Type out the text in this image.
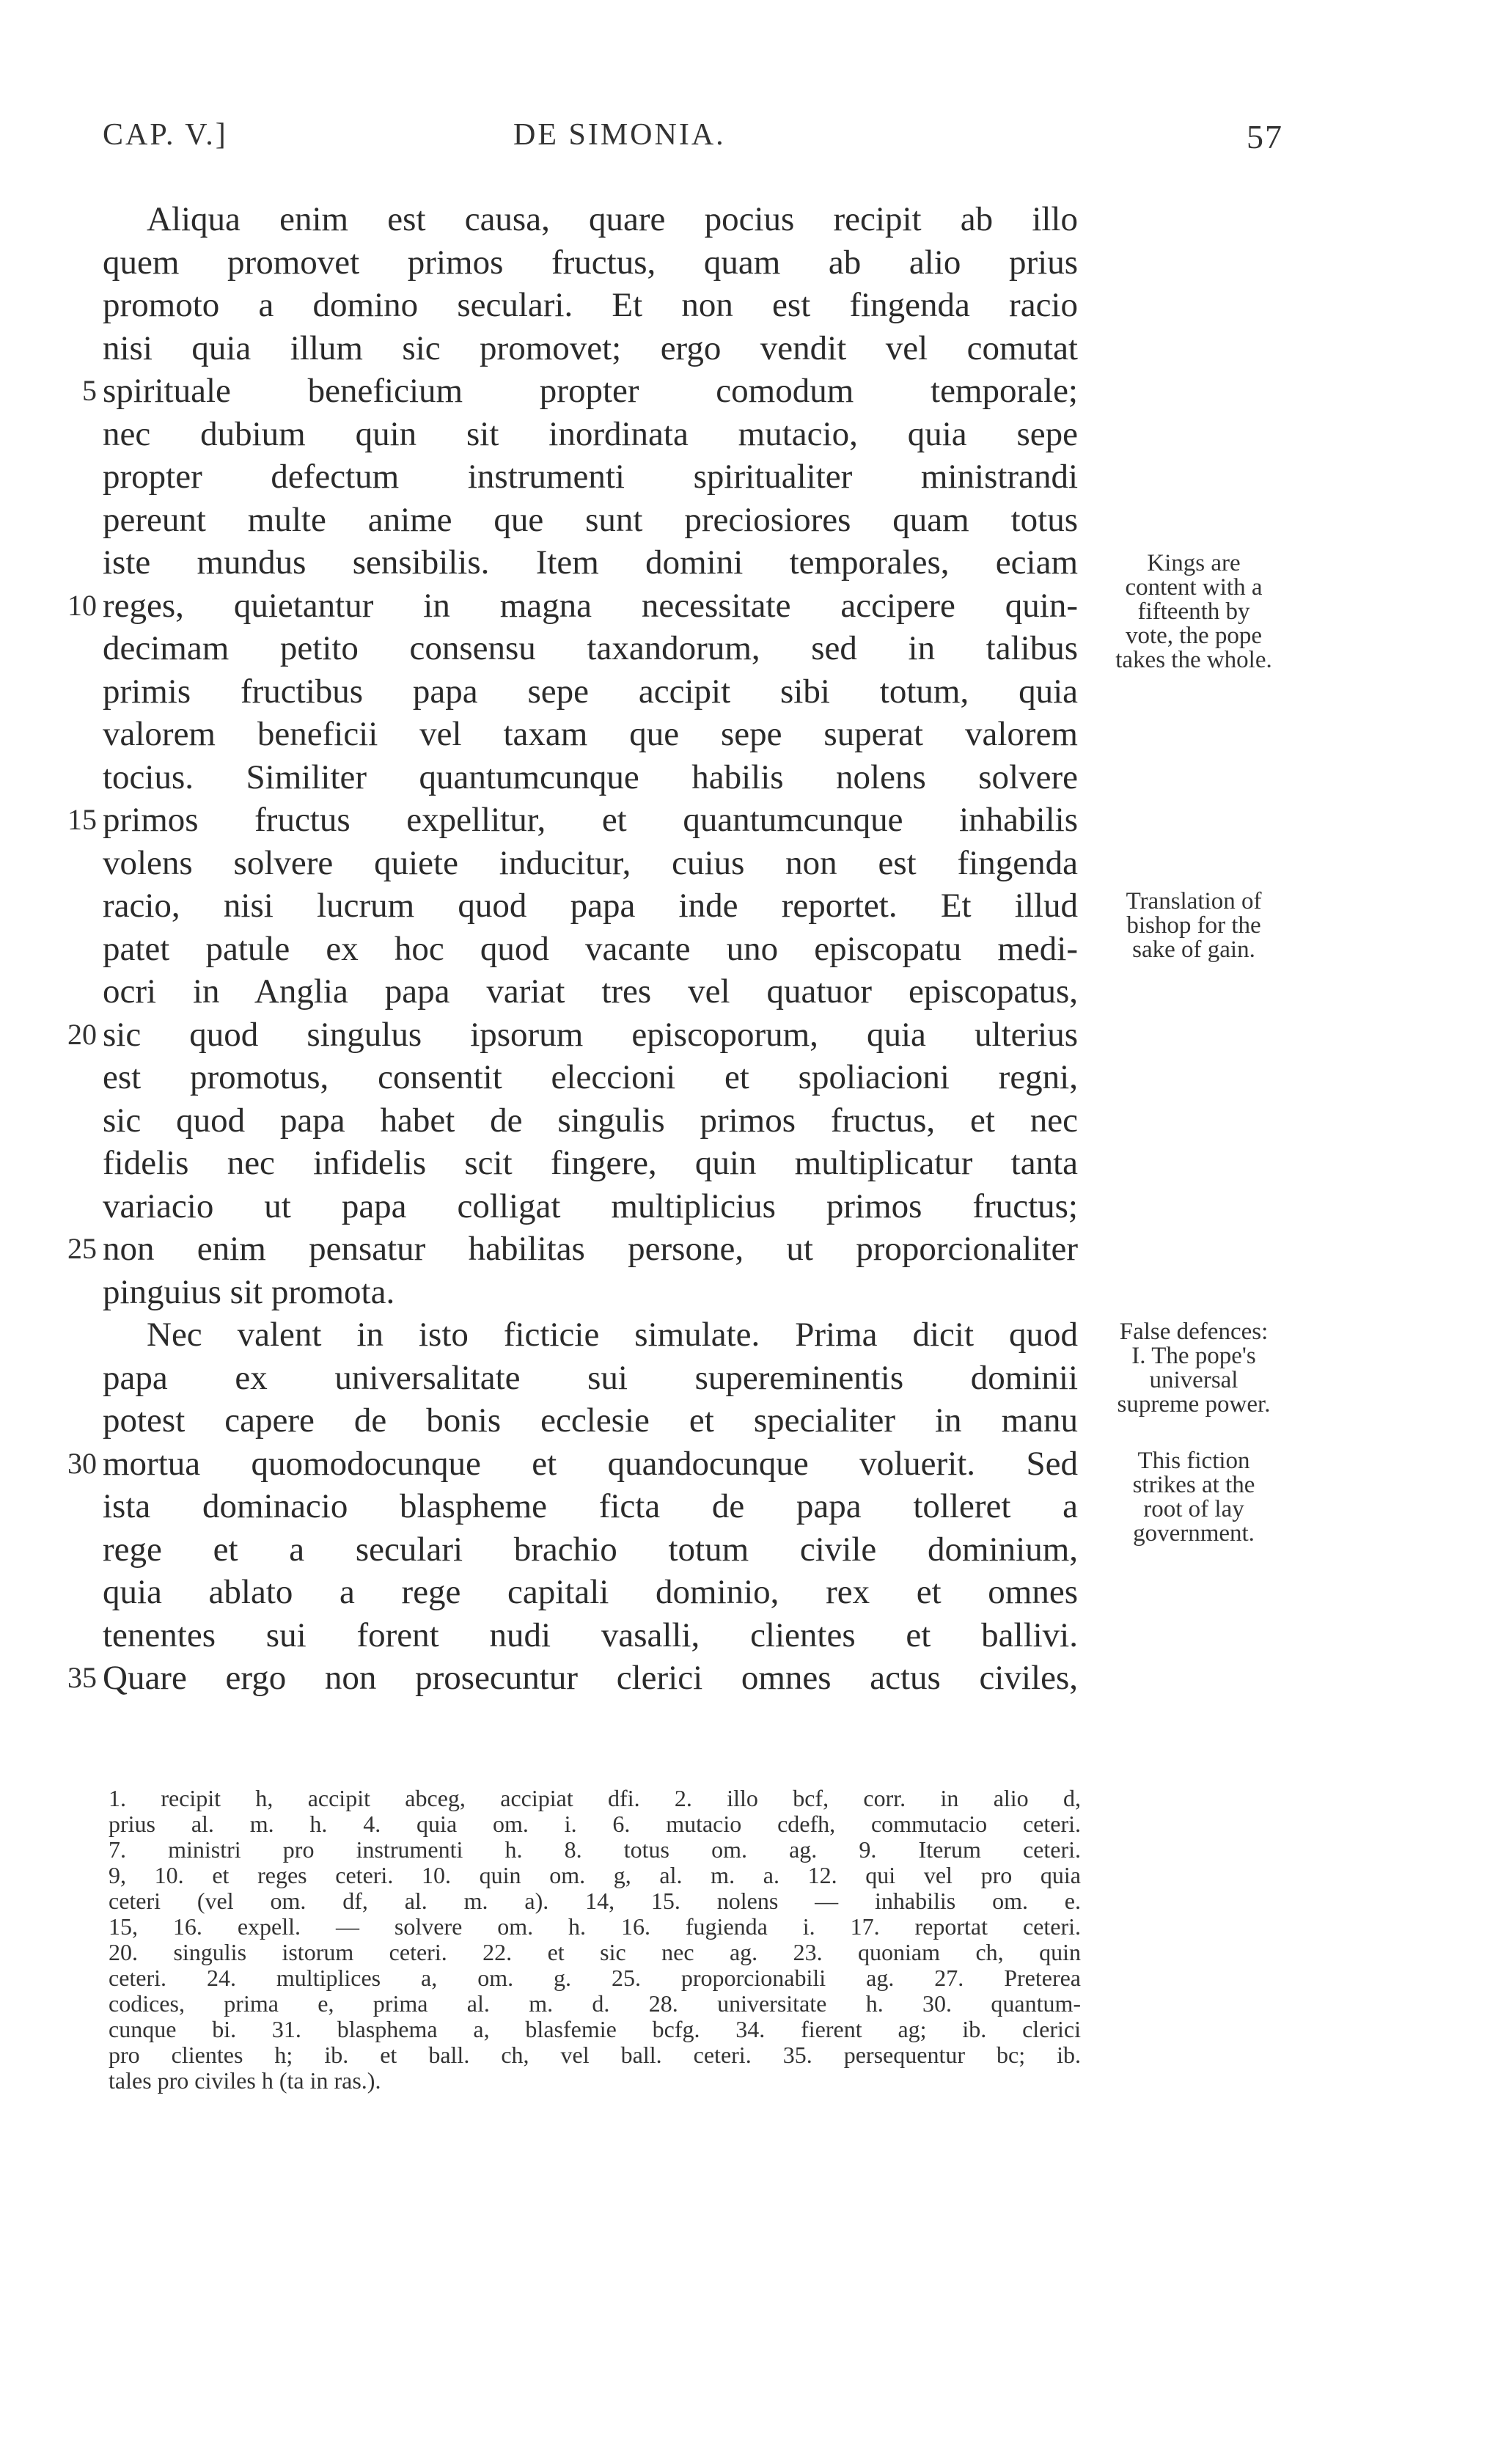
CAP. V.]	DE SIMONIA.	57
Aliqua enim est causa, quare pocius recipit ab illo
quem promovet primos fructus, quam ab alio prius
promoto a domino seculari. Et non est fingenda racio
nisi quia illum sic promovet; ergo vendit vel comutat
5 spirituale beneficium propter comodum temporale;
nec dubium quin sit inordinata mutacio, quia sepe
propter defectum instrumenti spiritualiter ministrandi
pereunt multe anime que sunt preciosiores quam totus
iste mundus sensibilis. Item domini temporales, eciam
10 reges, quietantur in magna necessitate accipere quin-
decimam petito consensu taxandorum, sed in talibus
primis fructibus papa sepe accipit sibi totum, quia
valorem beneficii vel taxam que sepe superat valorem
tocius. Similiter quantumcunque habilis nolens solvere
15 primos fructus expellitur, et quantumcunque inhabilis
volens solvere quiete inducitur, cuius non est fingenda
racio, nisi lucrum quod papa inde reportet. Et illud
patet patule ex hoc quod vacante uno episcopatu medi-
ocri in Anglia papa variat tres vel quatuor episcopatus,
20 sic quod singulus ipsorum episcoporum, quia ulterius
est promotus, consentit eleccioni et spoliacioni regni,
sic quod papa habet de singulis primos fructus, et nec
fidelis nec infidelis scit fingere, quin multiplicatur tanta
variacio ut papa colligat multiplicius primos fructus;
25 non enim pensatur habilitas persone, ut proporcionaliter
pinguius sit promota.
Nec valent in isto ficticie simulate. Prima dicit quod
papa ex universalitate sui supereminentis dominii
potest capere de bonis ecclesie et specialiter in manu
30 mortua quomodocunque et quandocunque voluerit. Sed
ista dominacio blaspheme ficta de papa tolleret a
rege et a seculari brachio totum civile dominium,
quia ablato a rege capitali dominio, rex et omnes
tenentes sui forent nudi vasalli, clientes et ballivi.
35 Quare ergo non prosecuntur clerici omnes actus civiles,
Kings are
content with a
fifteenth by
vote, the pope
takes the whole.
Translation of
bishop for the
sake of gain.
False defences:
I. The pope's
universal
supreme power.
This fiction
strikes at the
root of lay
government.
1. recipit h, accipit abceg, accipiat dfi. 2. illo bcf, corr. in alio d,
prius al. m. h. 4. quia om. i. 6. mutacio cdefh, commutacio ceteri.
7. ministri pro instrumenti h. 8. totus om. ag. 9. Iterum ceteri.
9, 10. et reges ceteri. 10. quin om. g, al. m. a. 12. qui vel pro quia
ceteri (vel om. df, al. m. a). 14, 15. nolens — inhabilis om. e.
15, 16. expell. — solvere om. h. 16. fugienda i. 17. reportat ceteri.
20. singulis istorum ceteri. 22. et sic nec ag. 23. quoniam ch, quin
ceteri. 24. multiplices a, om. g. 25. proporcionabili ag. 27. Preterea
codices, prima e, prima al. m. d. 28. universitate h. 30. quantum-
cunque bi. 31. blasphema a, blasfemie bcfg. 34. fierent ag; ib. clerici
pro clientes h; ib. et ball. ch, vel ball. ceteri. 35. persequentur bc; ib.
tales pro civiles h (ta in ras.).
